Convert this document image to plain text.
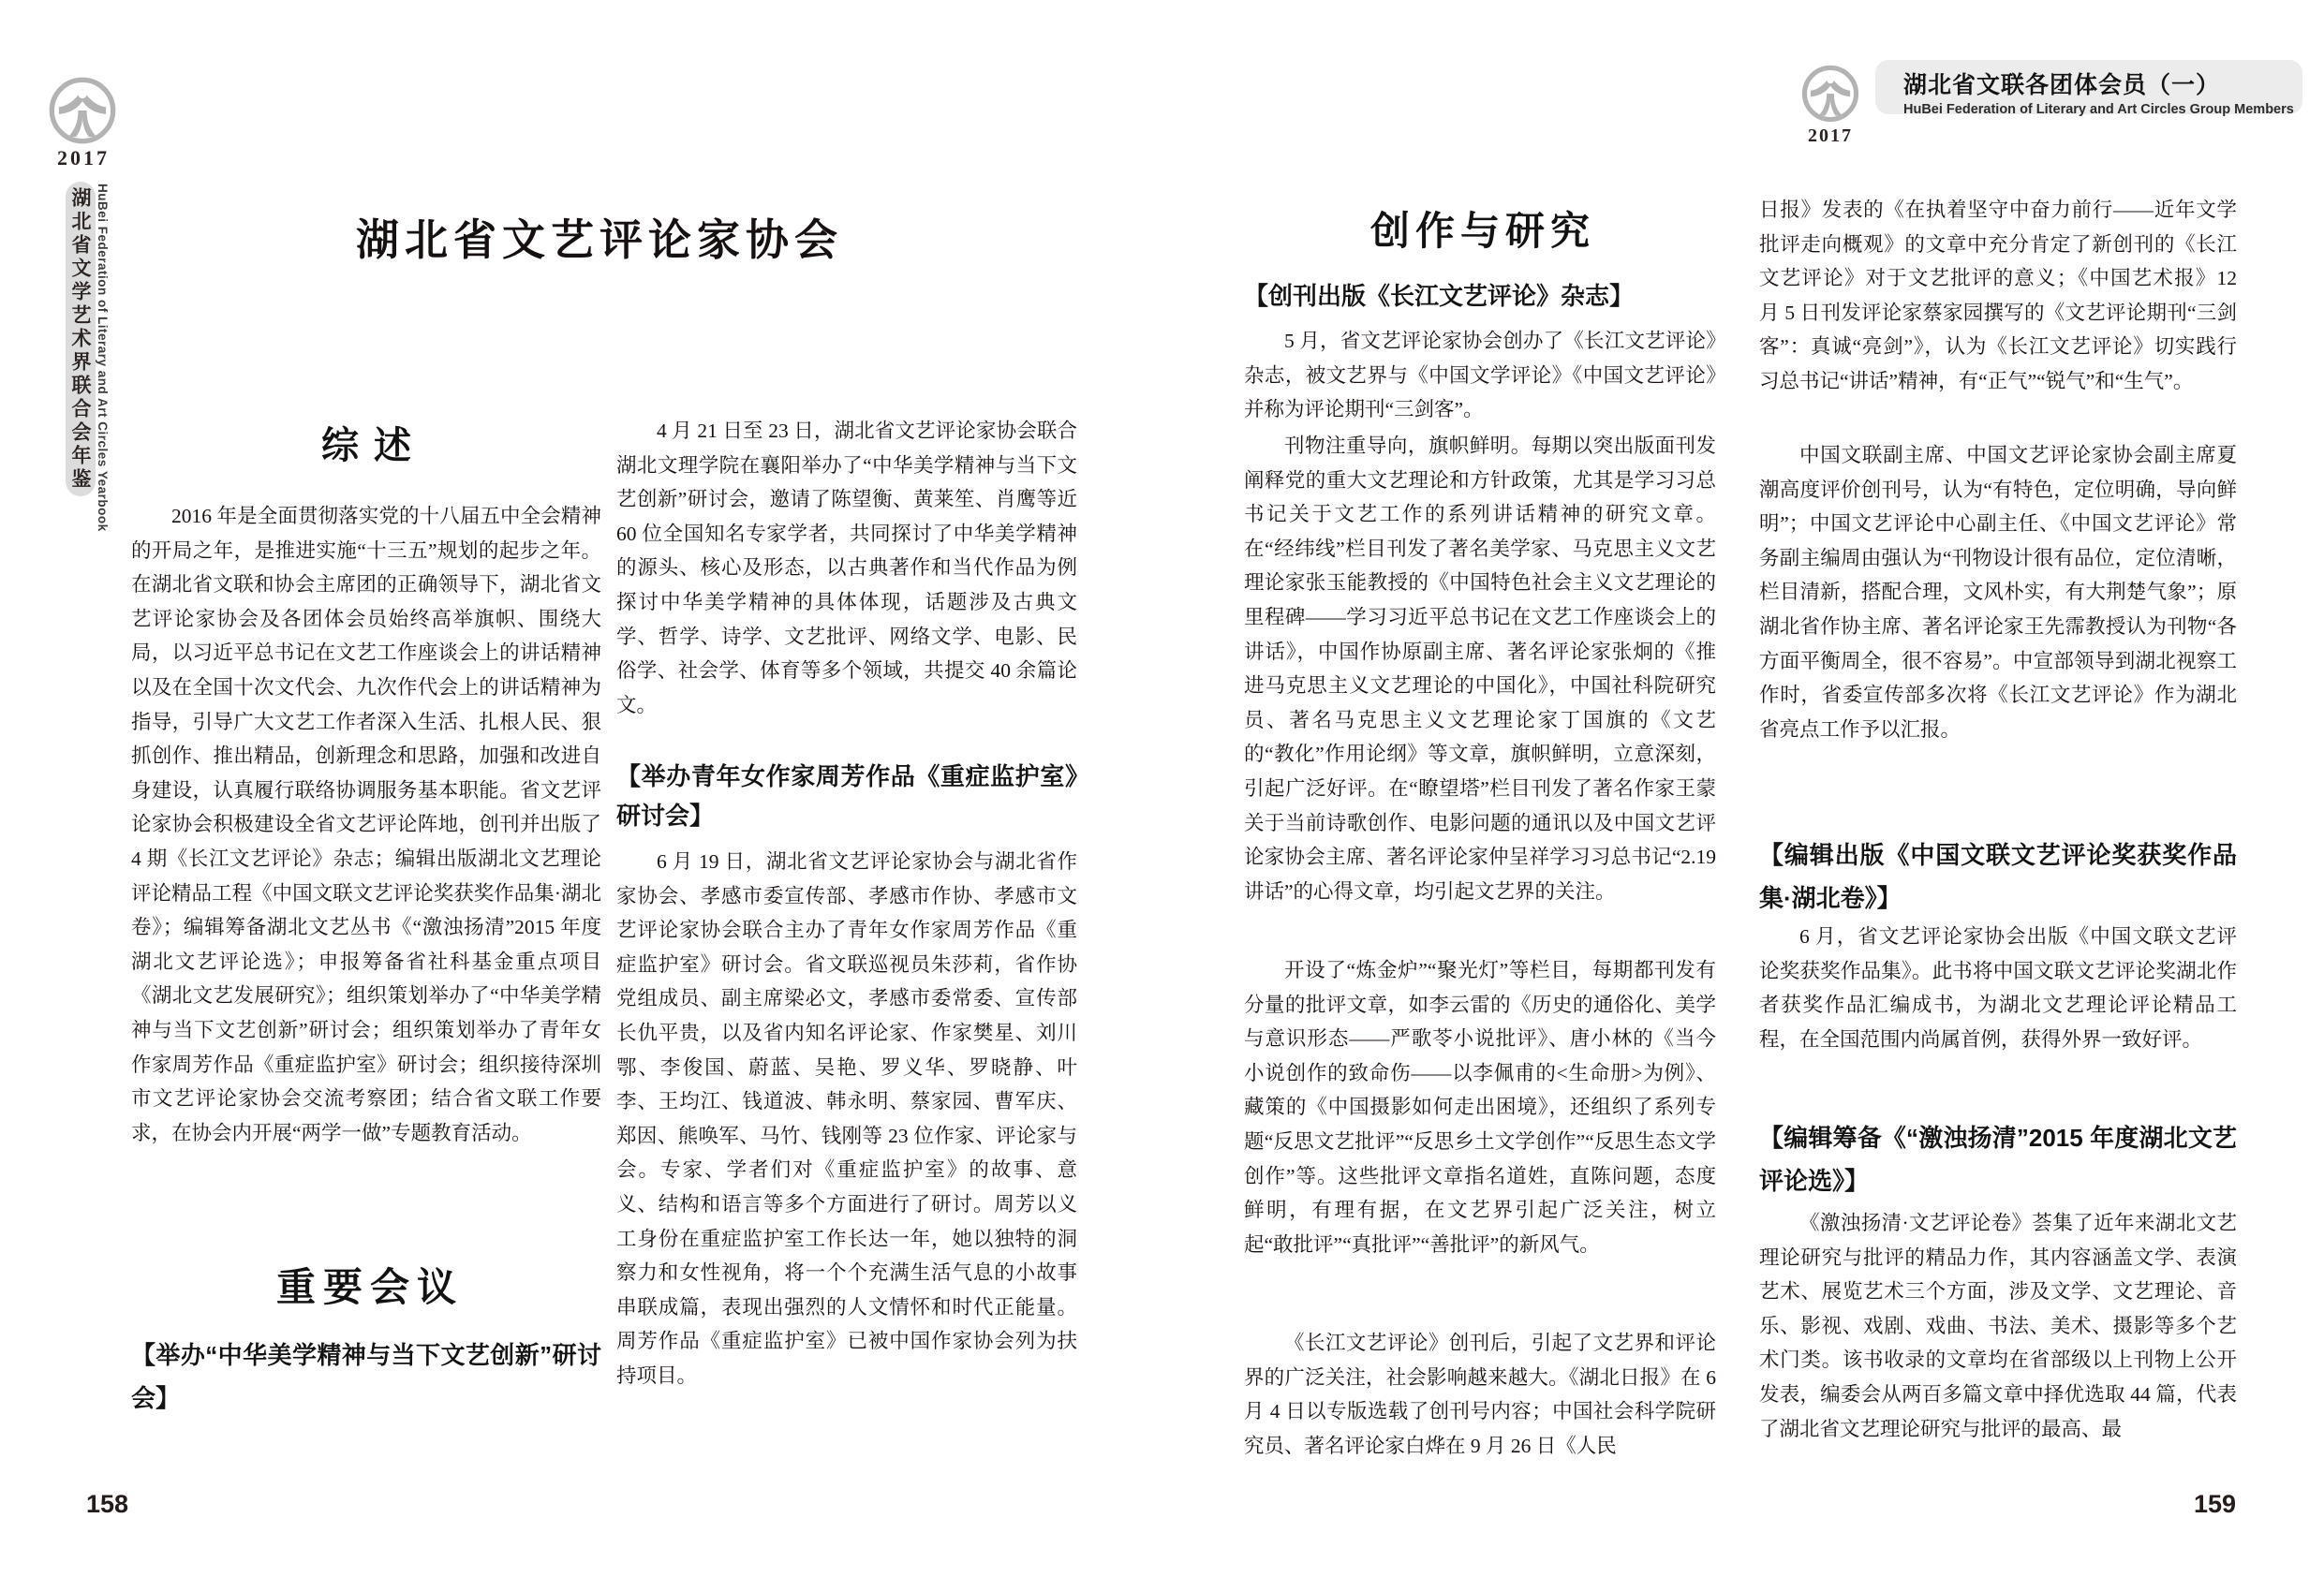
2017
湖北省文学艺术界联合会年鉴 HuBei Federation of Literary and Art Circles Yearbook
2017
湖北省文联各团体会员（一）
HuBei Federation of Literary and Art Circles Group Members
湖北省文艺评论家协会
综述
2016 年是全面贯彻落实党的十八届五中全会精神的开局之年，是推进实施“十三五”规划的起步之年。在湖北省文联和协会主席团的正确领导下，湖北省文艺评论家协会及各团体会员始终高举旗帜、围绕大局，以习近平总书记在文艺工作座谈会上的讲话精神以及在全国十次文代会、九次作代会上的讲话精神为指导，引导广大文艺工作者深入生活、扎根人民、狠抓创作、推出精品，创新理念和思路，加强和改进自身建设，认真履行联络协调服务基本职能。省文艺评论家协会积极建设全省文艺评论阵地，创刊并出版了 4 期《长江文艺评论》杂志；编辑出版湖北文艺理论评论精品工程《中国文联文艺评论奖获奖作品集·湖北卷》；编辑筹备湖北文艺丛书《“激浊扬清”2015 年度湖北文艺评论选》；申报筹备省社科基金重点项目《湖北文艺发展研究》；组织策划举办了“中华美学精神与当下文艺创新”研讨会；组织策划举办了青年女作家周芳作品《重症监护室》研讨会；组织接待深圳市文艺评论家协会交流考察团；结合省文联工作要求，在协会内开展“两学一做”专题教育活动。
重要会议
【举办“中华美学精神与当下文艺创新”研讨会】
4 月 21 日至 23 日，湖北省文艺评论家协会联合湖北文理学院在襄阳举办了“中华美学精神与当下文艺创新”研讨会，邀请了陈望衡、黄莱笙、肖鹰等近 60 位全国知名专家学者，共同探讨了中华美学精神的源头、核心及形态，以古典著作和当代作品为例探讨中华美学精神的具体体现，话题涉及古典文学、哲学、诗学、文艺批评、网络文学、电影、民俗学、社会学、体育等多个领域，共提交 40 余篇论文。
【举办青年女作家周芳作品《重症监护室》研讨会】
6 月 19 日，湖北省文艺评论家协会与湖北省作家协会、孝感市委宣传部、孝感市作协、孝感市文艺评论家协会联合主办了青年女作家周芳作品《重症监护室》研讨会。省文联巡视员朱莎莉，省作协党组成员、副主席梁必文，孝感市委常委、宣传部长仇平贵，以及省内知名评论家、作家樊星、刘川鄂、李俊国、蔚蓝、吴艳、罗义华、罗晓静、叶李、王均江、钱道波、韩永明、蔡家园、曹军庆、郑因、熊唤军、马竹、钱刚等 23 位作家、评论家与会。专家、学者们对《重症监护室》的故事、意义、结构和语言等多个方面进行了研讨。周芳以义工身份在重症监护室工作长达一年，她以独特的洞察力和女性视角，将一个个充满生活气息的小故事串联成篇，表现出强烈的人文情怀和时代正能量。周芳作品《重症监护室》已被中国作家协会列为扶持项目。
158
创作与研究
【创刊出版《长江文艺评论》杂志】
5 月，省文艺评论家协会创办了《长江文艺评论》杂志，被文艺界与《中国文学评论》《中国文艺评论》并称为评论期刊“三剑客”。
刊物注重导向，旗帜鲜明。每期以突出版面刊发阐释党的重大文艺理论和方针政策，尤其是学习习总书记关于文艺工作的系列讲话精神的研究文章。在“经纬线”栏目刊发了著名美学家、马克思主义文艺理论家张玉能教授的《中国特色社会主义文艺理论的里程碑——学习习近平总书记在文艺工作座谈会上的讲话》，中国作协原副主席、著名评论家张炯的《推进马克思主义文艺理论的中国化》，中国社科院研究员、著名马克思主义文艺理论家丁国旗的《文艺的“教化”作用论纲》等文章，旗帜鲜明，立意深刻，引起广泛好评。在“瞭望塔”栏目刊发了著名作家王蒙关于当前诗歌创作、电影问题的通讯以及中国文艺评论家协会主席、著名评论家仲呈祥学习习总书记“2.19 讲话”的心得文章，均引起文艺界的关注。
开设了“炼金炉”“聚光灯”等栏目，每期都刊发有分量的批评文章，如李云雷的《历史的通俗化、美学与意识形态——严歌苓小说批评》、唐小林的《当今小说创作的致命伤——以李佩甫的<生命册>为例》、藏策的《中国摄影如何走出困境》，还组织了系列专题“反思文艺批评”“反思乡土文学创作”“反思生态文学创作”等。这些批评文章指名道姓，直陈问题，态度鲜明，有理有据，在文艺界引起广泛关注，树立起“敢批评”“真批评”“善批评”的新风气。
《长江文艺评论》创刊后，引起了文艺界和评论界的广泛关注，社会影响越来越大。《湖北日报》在 6 月 4 日以专版选载了创刊号内容；中国社会科学院研究员、著名评论家白烨在 9 月 26 日《人民
日报》发表的《在执着坚守中奋力前行——近年文学批评走向概观》的文章中充分肯定了新创刊的《长江文艺评论》对于文艺批评的意义；《中国艺术报》12 月 5 日刊发评论家蔡家园撰写的《文艺评论期刊“三剑客”：真诚“亮剑”》，认为《长江文艺评论》切实践行习总书记“讲话”精神，有“正气”“锐气”和“生气”。
中国文联副主席、中国文艺评论家协会副主席夏潮高度评价创刊号，认为“有特色，定位明确，导向鲜明”；中国文艺评论中心副主任、《中国文艺评论》常务副主编周由强认为“刊物设计很有品位，定位清晰，栏目清新，搭配合理，文风朴实，有大荆楚气象”；原湖北省作协主席、著名评论家王先霈教授认为刊物“各方面平衡周全，很不容易”。中宣部领导到湖北视察工作时，省委宣传部多次将《长江文艺评论》作为湖北省亮点工作予以汇报。
【编辑出版《中国文联文艺评论奖获奖作品集·湖北卷》】
6 月，省文艺评论家协会出版《中国文联文艺评论奖获奖作品集》。此书将中国文联文艺评论奖湖北作者获奖作品汇编成书，为湖北文艺理论评论精品工程，在全国范围内尚属首例，获得外界一致好评。
【编辑筹备《“激浊扬清”2015 年度湖北文艺评论选》】
《激浊扬清·文艺评论卷》荟集了近年来湖北文艺理论研究与批评的精品力作，其内容涵盖文学、表演艺术、展览艺术三个方面，涉及文学、文艺理论、音乐、影视、戏剧、戏曲、书法、美术、摄影等多个艺术门类。该书收录的文章均在省部级以上刊物上公开发表，编委会从两百多篇文章中择优选取 44 篇，代表了湖北省文艺理论研究与批评的最高、最
159
